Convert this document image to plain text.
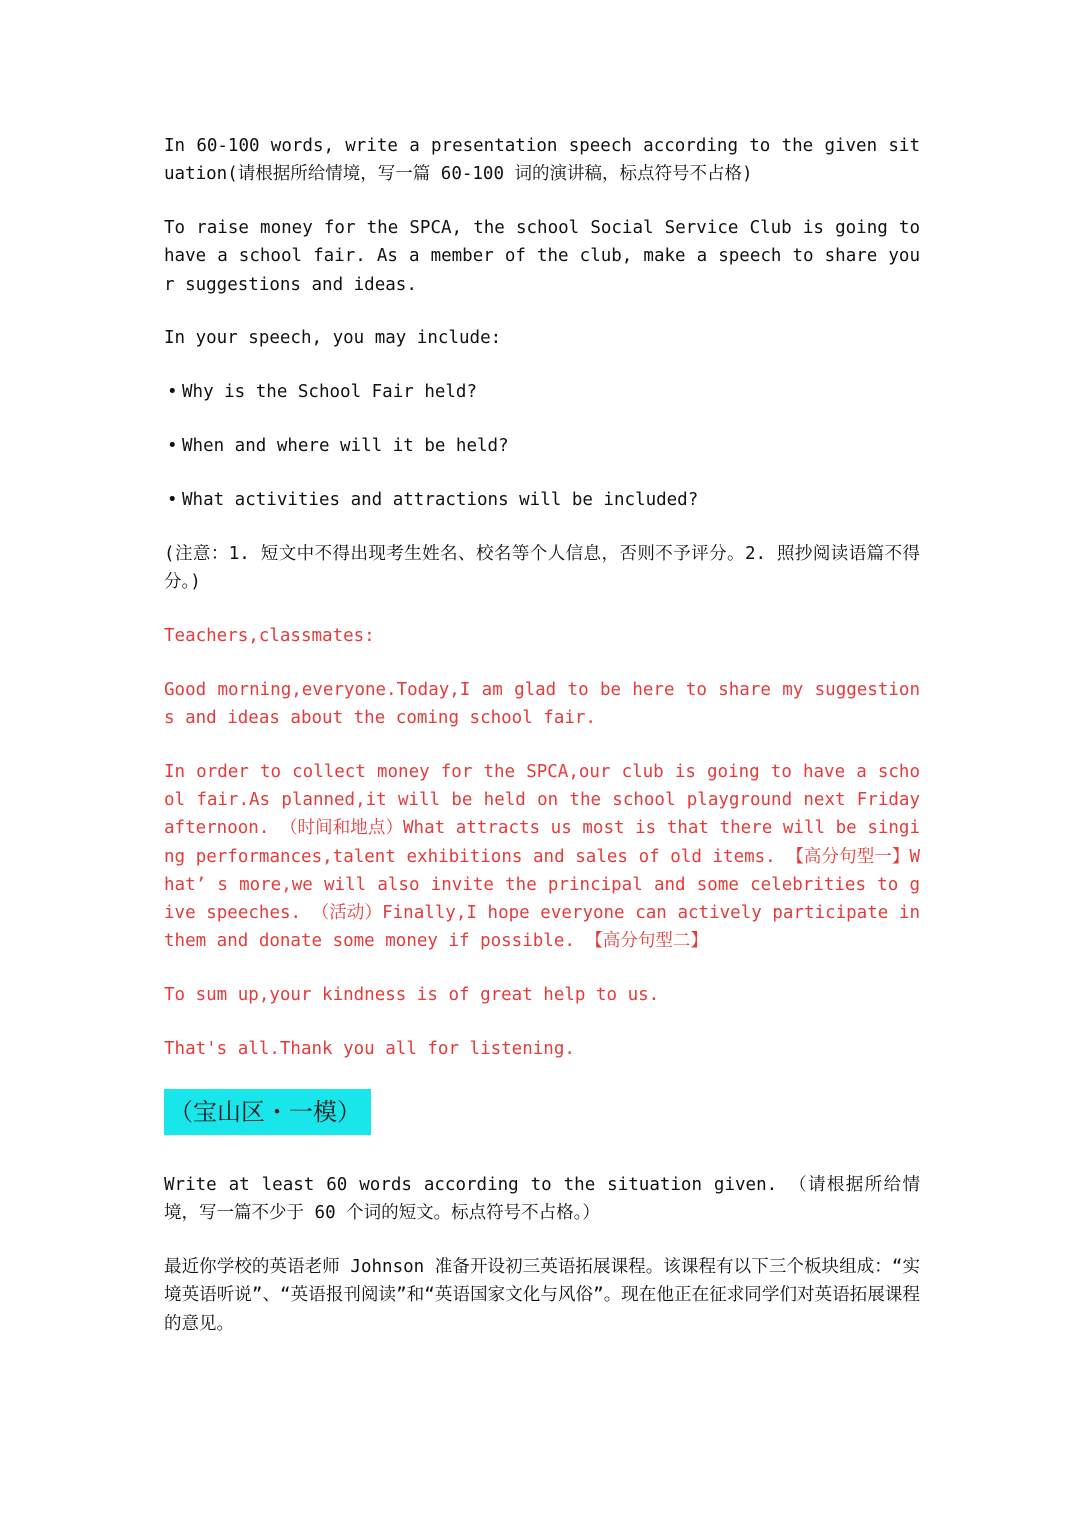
In 60-100 words, write a presentation speech according to the given situation(请根据所给情境，写一篇 60-100 词的演讲稿，标点符号不占格)

To raise money for the SPCA, the school Social Service Club is going to have a school fair. As a member of the club, make a speech to share your suggestions and ideas.

In your speech, you may include:

• Why is the School Fair held?
• When and where will it be held?
• What activities and attractions will be included?

(注意：1. 短文中不得出现考生姓名、校名等个人信息，否则不予评分。2. 照抄阅读语篇不得分。)

Teachers,classmates:

Good morning,everyone.Today,I am glad to be here to share my suggestions and ideas about the coming school fair.

In order to collect money for the SPCA,our club is going to have a school fair.As planned,it will be held on the school playground next Friday afternoon. （时间和地点）What attracts us most is that there will be singing performances,talent exhibitions and sales of old items. 【高分句型一】What’ s more,we will also invite the principal and some celebrities to give speeches. （活动）Finally,I hope everyone can actively participate in them and donate some money if possible. 【高分句型二】

To sum up,your kindness is of great help to us.

That's all.Thank you all for listening.

（宝山区・一模）

Write at least 60 words according to the situation given. （请根据所给情境，写一篇不少于 60 个词的短文。标点符号不占格。）

最近你学校的英语老师 Johnson 准备开设初三英语拓展课程。该课程有以下三个板块组成：“实境英语听说”、“英语报刊阅读”和“英语国家文化与风俗”。现在他正在征求同学们对英语拓展课程的意见。
